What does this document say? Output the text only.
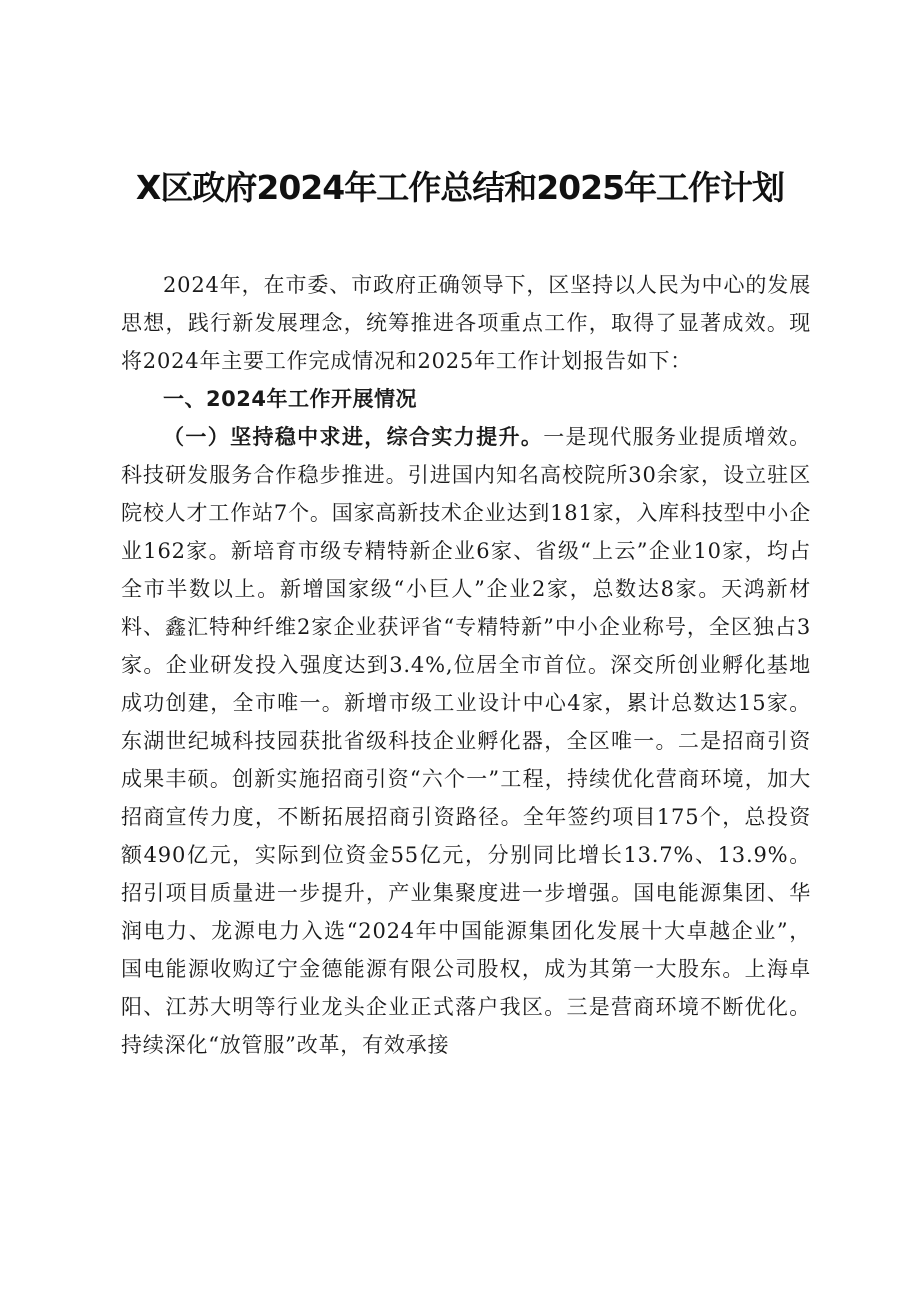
X区政府2024年工作总结和2025年工作计划

2024年，在市委、市政府正确领导下，区坚持以人民为中心的发展思想，践行新发展理念，统筹推进各项重点工作，取得了显著成效。现将2024年主要工作完成情况和2025年工作计划报告如下：

一、2024年工作开展情况

（一）坚持稳中求进，综合实力提升。一是现代服务业提质增效。科技研发服务合作稳步推进。引进国内知名高校院所30余家，设立驻区院校人才工作站7个。国家高新技术企业达到181家，入库科技型中小企业162家。新培育市级专精特新企业6家、省级“上云”企业10家，均占全市半数以上。新增国家级“小巨人”企业2家，总数达8家。天鸿新材料、鑫汇特种纤维2家企业获评省“专精特新”中小企业称号，全区独占3家。企业研发投入强度达到3.4%,位居全市首位。深交所创业孵化基地成功创建，全市唯一。新增市级工业设计中心4家，累计总数达15家。东湖世纪城科技园获批省级科技企业孵化器，全区唯一。二是招商引资成果丰硕。创新实施招商引资“六个一”工程，持续优化营商环境，加大招商宣传力度，不断拓展招商引资路径。全年签约项目175个，总投资额490亿元，实际到位资金55亿元，分别同比增长13.7%、13.9%。招引项目质量进一步提升，产业集聚度进一步增强。国电能源集团、华润电力、龙源电力入选“2024年中国能源集团化发展十大卓越企业”，国电能源收购辽宁金德能源有限公司股权，成为其第一大股东。上海卓阳、江苏大明等行业龙头企业正式落户我区。三是营商环境不断优化。持续深化“放管服”改革，有效承接
